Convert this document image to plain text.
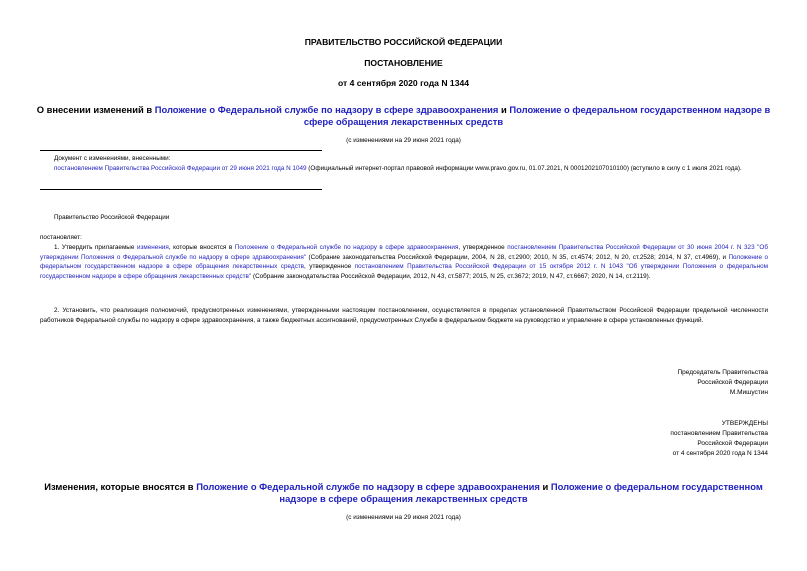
ПРАВИТЕЛЬСТВО РОССИЙСКОЙ ФЕДЕРАЦИИ
ПОСТАНОВЛЕНИЕ
от 4 сентября 2020 года N 1344
О внесении изменений в Положение о Федеральной службе по надзору в сфере здравоохранения и Положение о федеральном государственном надзоре в сфере обращения лекарственных средств
(с изменениями на 29 июня 2021 года)
Документ с изменениями, внесенными:
постановлением Правительства Российской Федерации от 29 июня 2021 года N 1049 (Официальный интернет-портал правовой информации www.pravo.gov.ru, 01.07.2021, N 0001202107010100) (вступило в силу с 1 июля 2021 года).
Правительство Российской Федерации
постановляет:
1. Утвердить прилагаемые изменения, которые вносятся в Положение о Федеральной службе по надзору в сфере здравоохранения, утвержденное постановлением Правительства Российской Федерации от 30 июня 2004 г. N 323 "Об утверждении Положения о Федеральной службе по надзору в сфере здравоохранения" (Собрание законодательства Российской Федерации, 2004, N 28, ст.2900; 2010, N 35, ст.4574; 2012, N 20, ст.2528; 2014, N 37, ст.4969), и Положение о федеральном государственном надзоре в сфере обращения лекарственных средств, утвержденное постановлением Правительства Российской Федерации от 15 октября 2012 г. N 1043 "Об утверждении Положения о федеральном государственном надзоре в сфере обращения лекарственных средств" (Собрание законодательства Российской Федерации, 2012, N 43, ст.5877; 2015, N 25, ст.3672; 2019, N 47, ст.6667; 2020, N 14, ст.2119).
2. Установить, что реализация полномочий, предусмотренных изменениями, утвержденными настоящим постановлением, осуществляется в пределах установленной Правительством Российской Федерации предельной численности работников Федеральной службы по надзору в сфере здравоохранения, а также бюджетных ассигнований, предусмотренных Службе в федеральном бюджете на руководство и управление в сфере установленных функций.
Председатель Правительства
Российской Федерации
М.Мишустин
УТВЕРЖДЕНЫ
постановлением Правительства
Российской Федерации
от 4 сентября 2020 года N 1344
Изменения, которые вносятся в Положение о Федеральной службе по надзору в сфере здравоохранения и Положение о федеральном государственном надзоре в сфере обращения лекарственных средств
(с изменениями на 29 июня 2021 года)
